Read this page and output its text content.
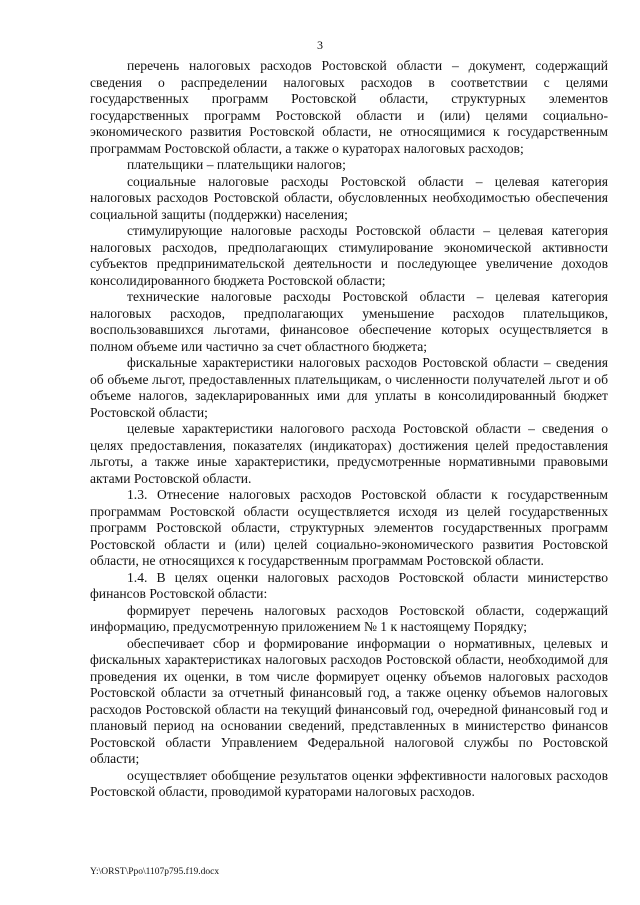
3

перечень налоговых расходов Ростовской области – документ, содержащий сведения о распределении налоговых расходов в соответствии с целями государственных программ Ростовской области, структурных элементов государственных программ Ростовской области и (или) целями социально-экономического развития Ростовской области, не относящимися к государственным программам Ростовской области, а также о кураторах налоговых расходов;

плательщики – плательщики налогов;

социальные налоговые расходы Ростовской области – целевая категория налоговых расходов Ростовской области, обусловленных необходимостью обеспечения социальной защиты (поддержки) населения;

стимулирующие налоговые расходы Ростовской области – целевая категория налоговых расходов, предполагающих стимулирование экономической активности субъектов предпринимательской деятельности и последующее увеличение доходов консолидированного бюджета Ростовской области;

технические налоговые расходы Ростовской области – целевая категория налоговых расходов, предполагающих уменьшение расходов плательщиков, воспользовавшихся льготами, финансовое обеспечение которых осуществляется в полном объеме или частично за счет областного бюджета;

фискальные характеристики налоговых расходов Ростовской области – сведения об объеме льгот, предоставленных плательщикам, о численности получателей льгот и об объеме налогов, задекларированных ими для уплаты в консолидированный бюджет Ростовской области;

целевые характеристики налогового расхода Ростовской области – сведения о целях предоставления, показателях (индикаторах) достижения целей предоставления льготы, а также иные характеристики, предусмотренные нормативными правовыми актами Ростовской области.

1.3. Отнесение налоговых расходов Ростовской области к государственным программам Ростовской области осуществляется исходя из целей государственных программ Ростовской области, структурных элементов государственных программ Ростовской области и (или) целей социально-экономического развития Ростовской области, не относящихся к государственным программам Ростовской области.

1.4. В целях оценки налоговых расходов Ростовской области министерство финансов Ростовской области:

формирует перечень налоговых расходов Ростовской области, содержащий информацию, предусмотренную приложением № 1 к настоящему Порядку;

обеспечивает сбор и формирование информации о нормативных, целевых и фискальных характеристиках налоговых расходов Ростовской области, необходимой для проведения их оценки, в том числе формирует оценку объемов налоговых расходов Ростовской области за отчетный финансовый год, а также оценку объемов налоговых расходов Ростовской области на текущий финансовый год, очередной финансовый год и плановый период на основании сведений, представленных в министерство финансов Ростовской области Управлением Федеральной налоговой службы по Ростовской области;

осуществляет обобщение результатов оценки эффективности налоговых расходов Ростовской области, проводимой кураторами налоговых расходов.

Y:\ORST\Ppo\1107p795.f19.docx
